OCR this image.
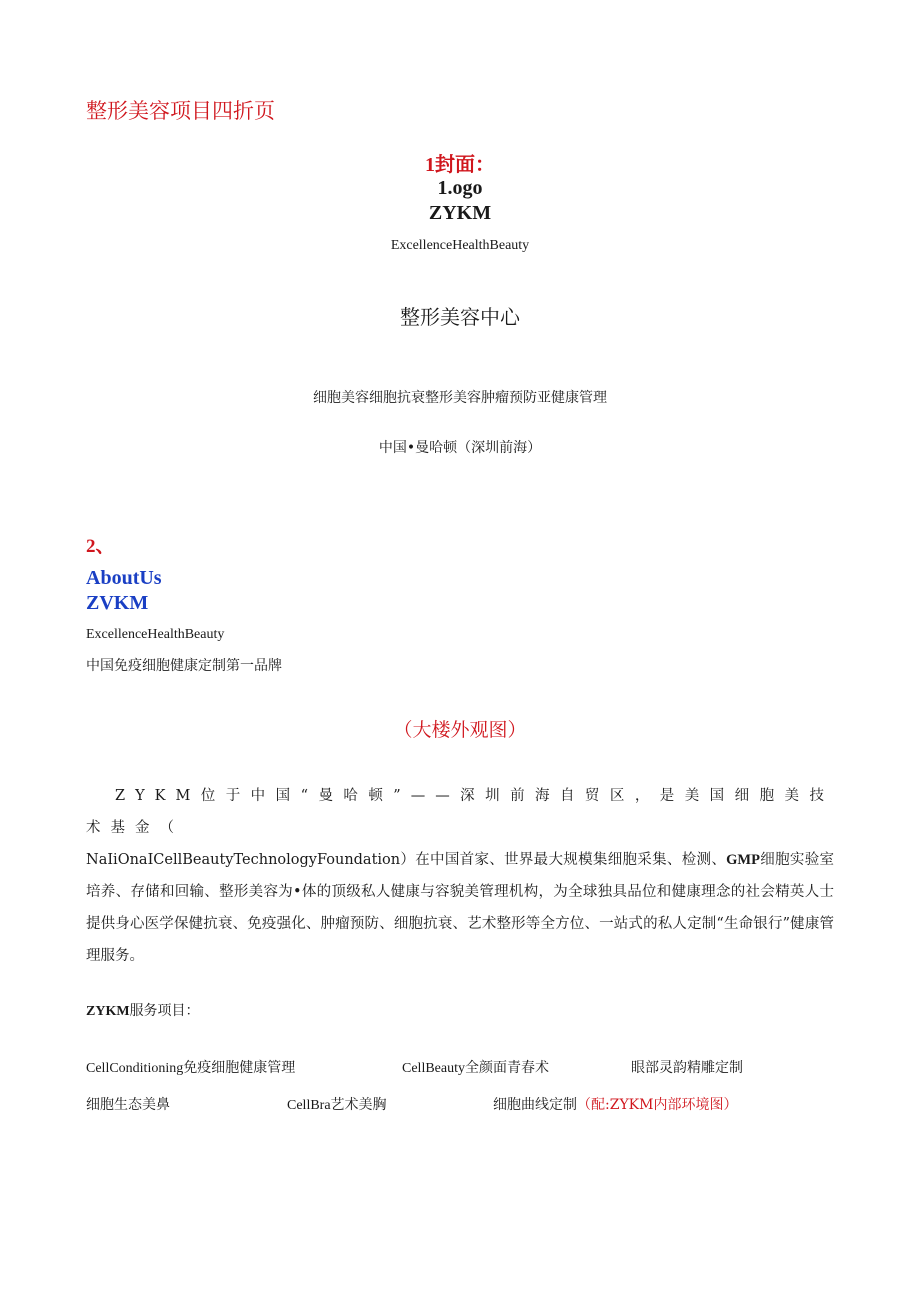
整形美容项目四折页
1封面：
1.ogo
ZYKM
ExcellenceHealthBeauty
整形美容中心
细胞美容细胞抗衰整形美容肿瘤预防亚健康管理
中国•曼哈顿（深圳前海）
2、
AboutUs
ZVKM
ExcellenceHealthBeauty
中国免疫细胞健康定制第一品牌
（大楼外观图）

ZYKM位于中国“曼哈顿”——深圳前海自贸区，是美国细胞美技术基金（
NaIiOnaICellBeautyTechnologyFoundation）在中国首家、世界最大规模集细胞采集、检测、GMP细胞实验室培养、存储和回输、整形美容为•体的顶级私人健康与容貌美管理机构，为全球独具品位和健康理念的社会精英人士提供身心医学保健抗衰、免疫强化、肿瘤预防、细胞抗衰、艺术整形等全方位、一站式的私人定制“生命银行”健康管理服务。

ZYKM服务项目：
CellConditioning免疫细胞健康管理	CellBeauty全颜面青春术	眼部灵韵精雕定制
细胞生态美鼻	CellBra艺术美胸	细胞曲线定制（配:ZYKM内部环境图）
